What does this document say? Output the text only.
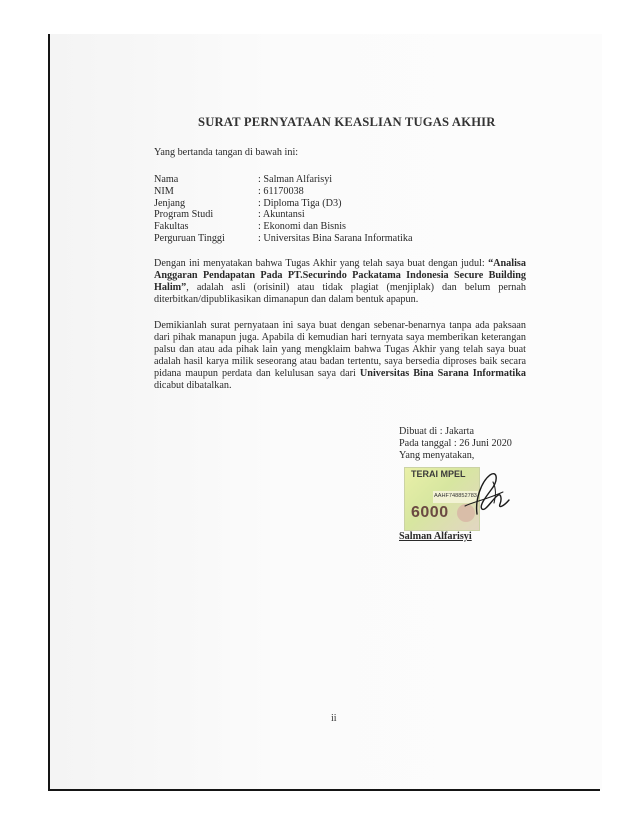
SURAT PERNYATAAN KEASLIAN TUGAS AKHIR

Yang bertanda tangan di bawah ini:

Nama	: Salman Alfarisyi
NIM	: 61170038
Jenjang	: Diploma Tiga (D3)
Program Studi	: Akuntansi
Fakultas	: Ekonomi dan Bisnis
Perguruan Tinggi	: Universitas Bina Sarana Informatika

Dengan ini menyatakan bahwa Tugas Akhir yang telah saya buat dengan judul: “Analisa Anggaran Pendapatan Pada PT.Securindo Packatama Indonesia Secure Building Halim”, adalah asli (orisinil) atau tidak plagiat (menjiplak) dan belum pernah diterbitkan/dipublikasikan dimanapun dan dalam bentuk apapun.

Demikianlah surat pernyataan ini saya buat dengan sebenar-benarnya tanpa ada paksaan dari pihak manapun juga. Apabila di kemudian hari ternyata saya memberikan keterangan palsu dan atau ada pihak lain yang mengklaim bahwa Tugas Akhir yang telah saya buat adalah hasil karya milik seseorang atau badan tertentu, saya bersedia diproses baik secara pidana maupun perdata dan kelulusan saya dari Universitas Bina Sarana Informatika dicabut dibatalkan.

Dibuat di : Jakarta
Pada tanggal : 26 Juni 2020
Yang menyatakan,
TERAI MPEL
AAHF748852783
6000
Salman Alfarisyi
ii
